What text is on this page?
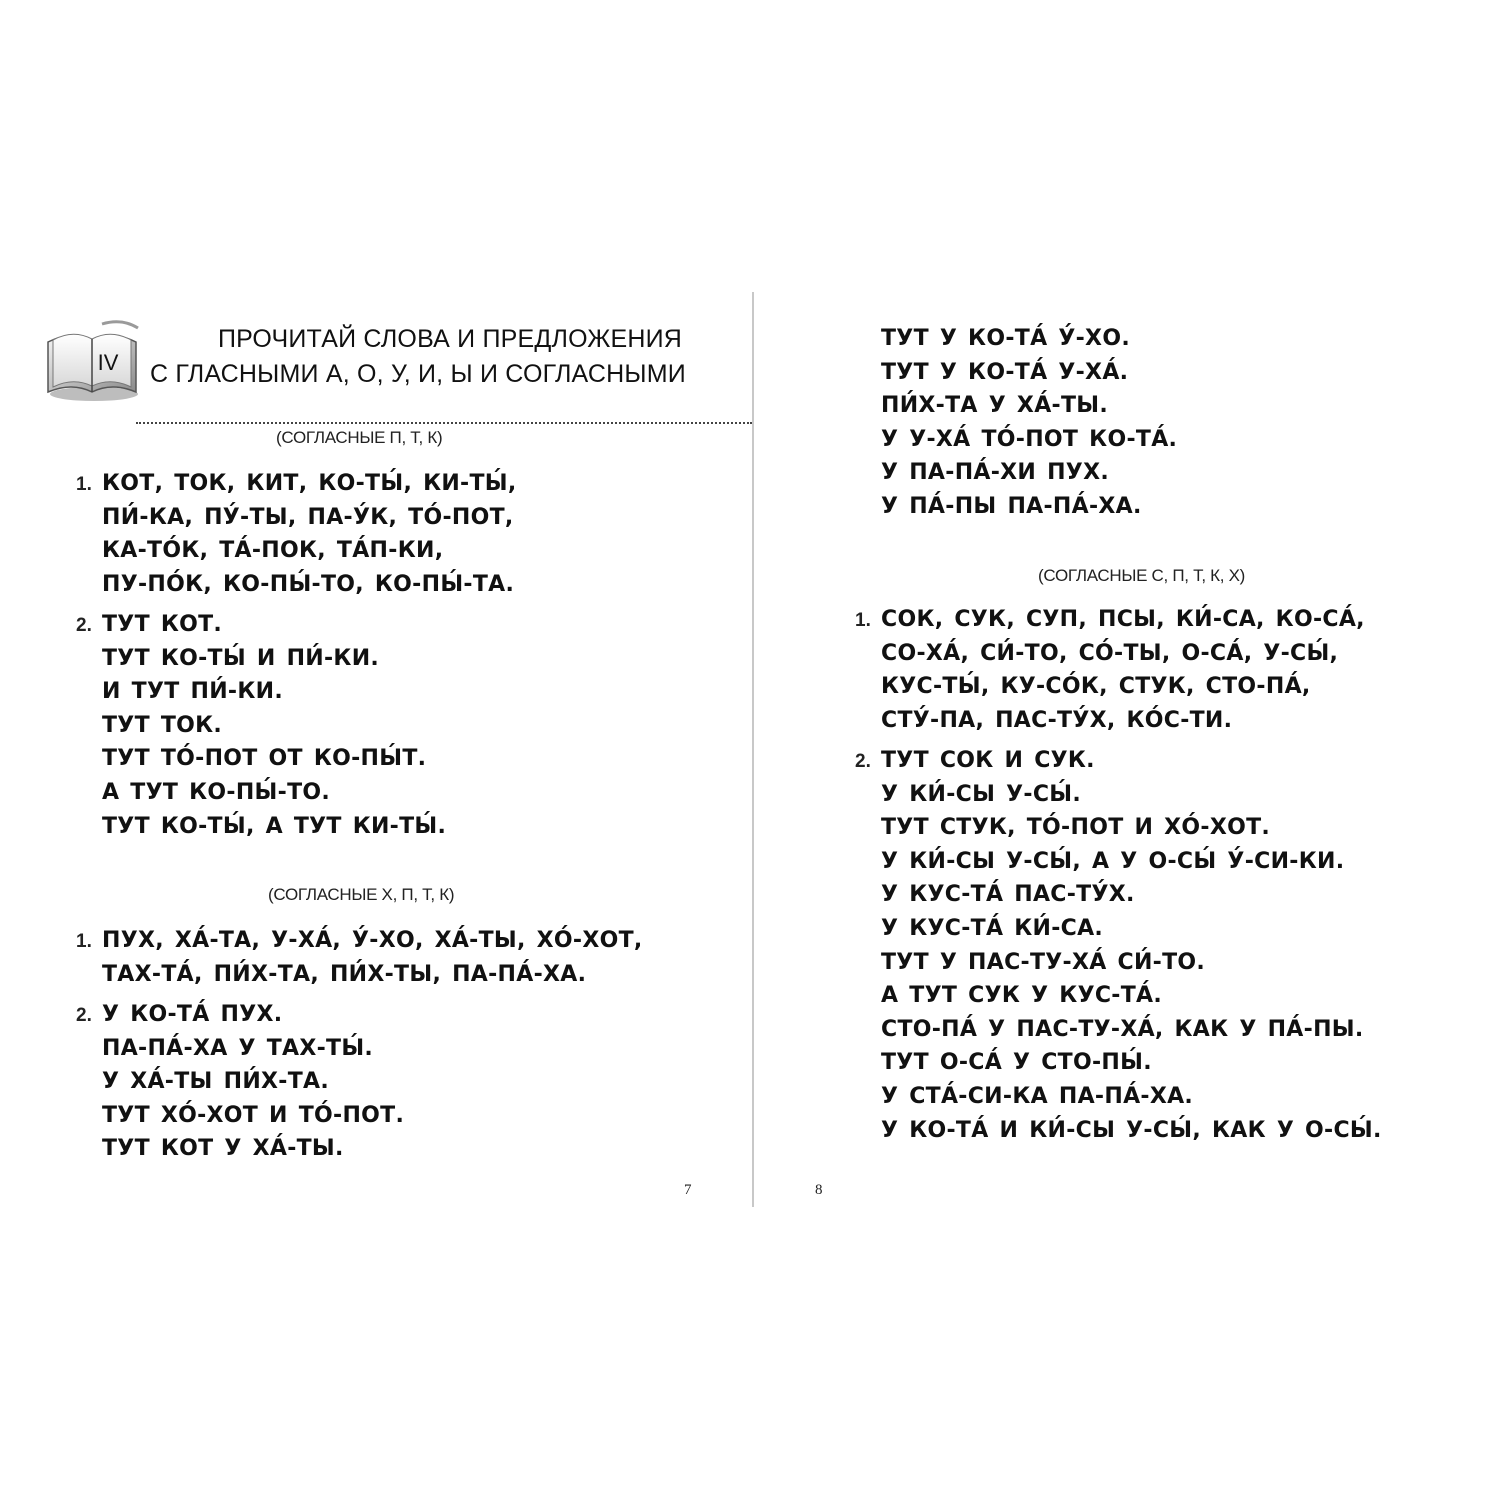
IV
ПРОЧИТАЙ СЛОВА И ПРЕДЛОЖЕНИЯ
С ГЛАСНЫМИ А, О, У, И, Ы И СОГЛАСНЫМИ
(СОГЛАСНЫЕ П, Т, К)
1. КОТ, ТОК, КИТ, КО-ТЫ́, КИ-ТЫ́,
ПИ́-КА, ПУ́-ТЫ, ПА-У́К, ТО́-ПОТ,
КА-ТО́К, ТА́-ПОК, ТА́П-КИ,
ПУ-ПО́К, КО-ПЫ́-ТО, КО-ПЫ́-ТА.
2. ТУТ КОТ.
ТУТ КО-ТЫ́ И ПИ́-КИ.
И ТУТ ПИ́-КИ.
ТУТ ТОК.
ТУТ ТО́-ПОТ ОТ КО-ПЫ́Т.
А ТУТ КО-ПЫ́-ТО.
ТУТ КО-ТЫ́, А ТУТ КИ-ТЫ́.
(СОГЛАСНЫЕ Х, П, Т, К)
1. ПУХ, ХА́-ТА, У-ХА́, У́-ХО, ХА́-ТЫ, ХО́-ХОТ,
ТАХ-ТА́, ПИ́Х-ТА, ПИ́Х-ТЫ, ПА-ПА́-ХА.
2. У КО-ТА́ ПУХ.
ПА-ПА́-ХА У ТАХ-ТЫ́.
У ХА́-ТЫ ПИ́Х-ТА.
ТУТ ХО́-ХОТ И ТО́-ПОТ.
ТУТ КОТ У ХА́-ТЫ.
7
ТУТ У КО-ТА́ У́-ХО.
ТУТ У КО-ТА́ У-ХА́.
ПИ́Х-ТА У ХА́-ТЫ.
У У-ХА́ ТО́-ПОТ КО-ТА́.
У ПА-ПА́-ХИ ПУХ.
У ПА́-ПЫ ПА-ПА́-ХА.
(СОГЛАСНЫЕ С, П, Т, К, Х)
1. СОК, СУК, СУП, ПСЫ, КИ́-СА, КО-СА́,
СО-ХА́, СИ́-ТО, СО́-ТЫ, О-СА́, У-СЫ́,
КУС-ТЫ́, КУ-СО́К, СТУК, СТО-ПА́,
СТУ́-ПА, ПАС-ТУ́Х, КО́С-ТИ.
2. ТУТ СОК И СУК.
У КИ́-СЫ У-СЫ́.
ТУТ СТУК, ТО́-ПОТ И ХО́-ХОТ.
У КИ́-СЫ У-СЫ́, А У О-СЫ́ У́-СИ-КИ.
У КУС-ТА́ ПАС-ТУ́Х.
У КУС-ТА́ КИ́-СА.
ТУТ У ПАС-ТУ-ХА́ СИ́-ТО.
А ТУТ СУК У КУС-ТА́.
СТО-ПА́ У ПАС-ТУ-ХА́, КАК У ПА́-ПЫ.
ТУТ О-СА́ У СТО-ПЫ́.
У СТА́-СИ-КА ПА-ПА́-ХА.
У КО-ТА́ И КИ́-СЫ У-СЫ́, КАК У О-СЫ́.
8
